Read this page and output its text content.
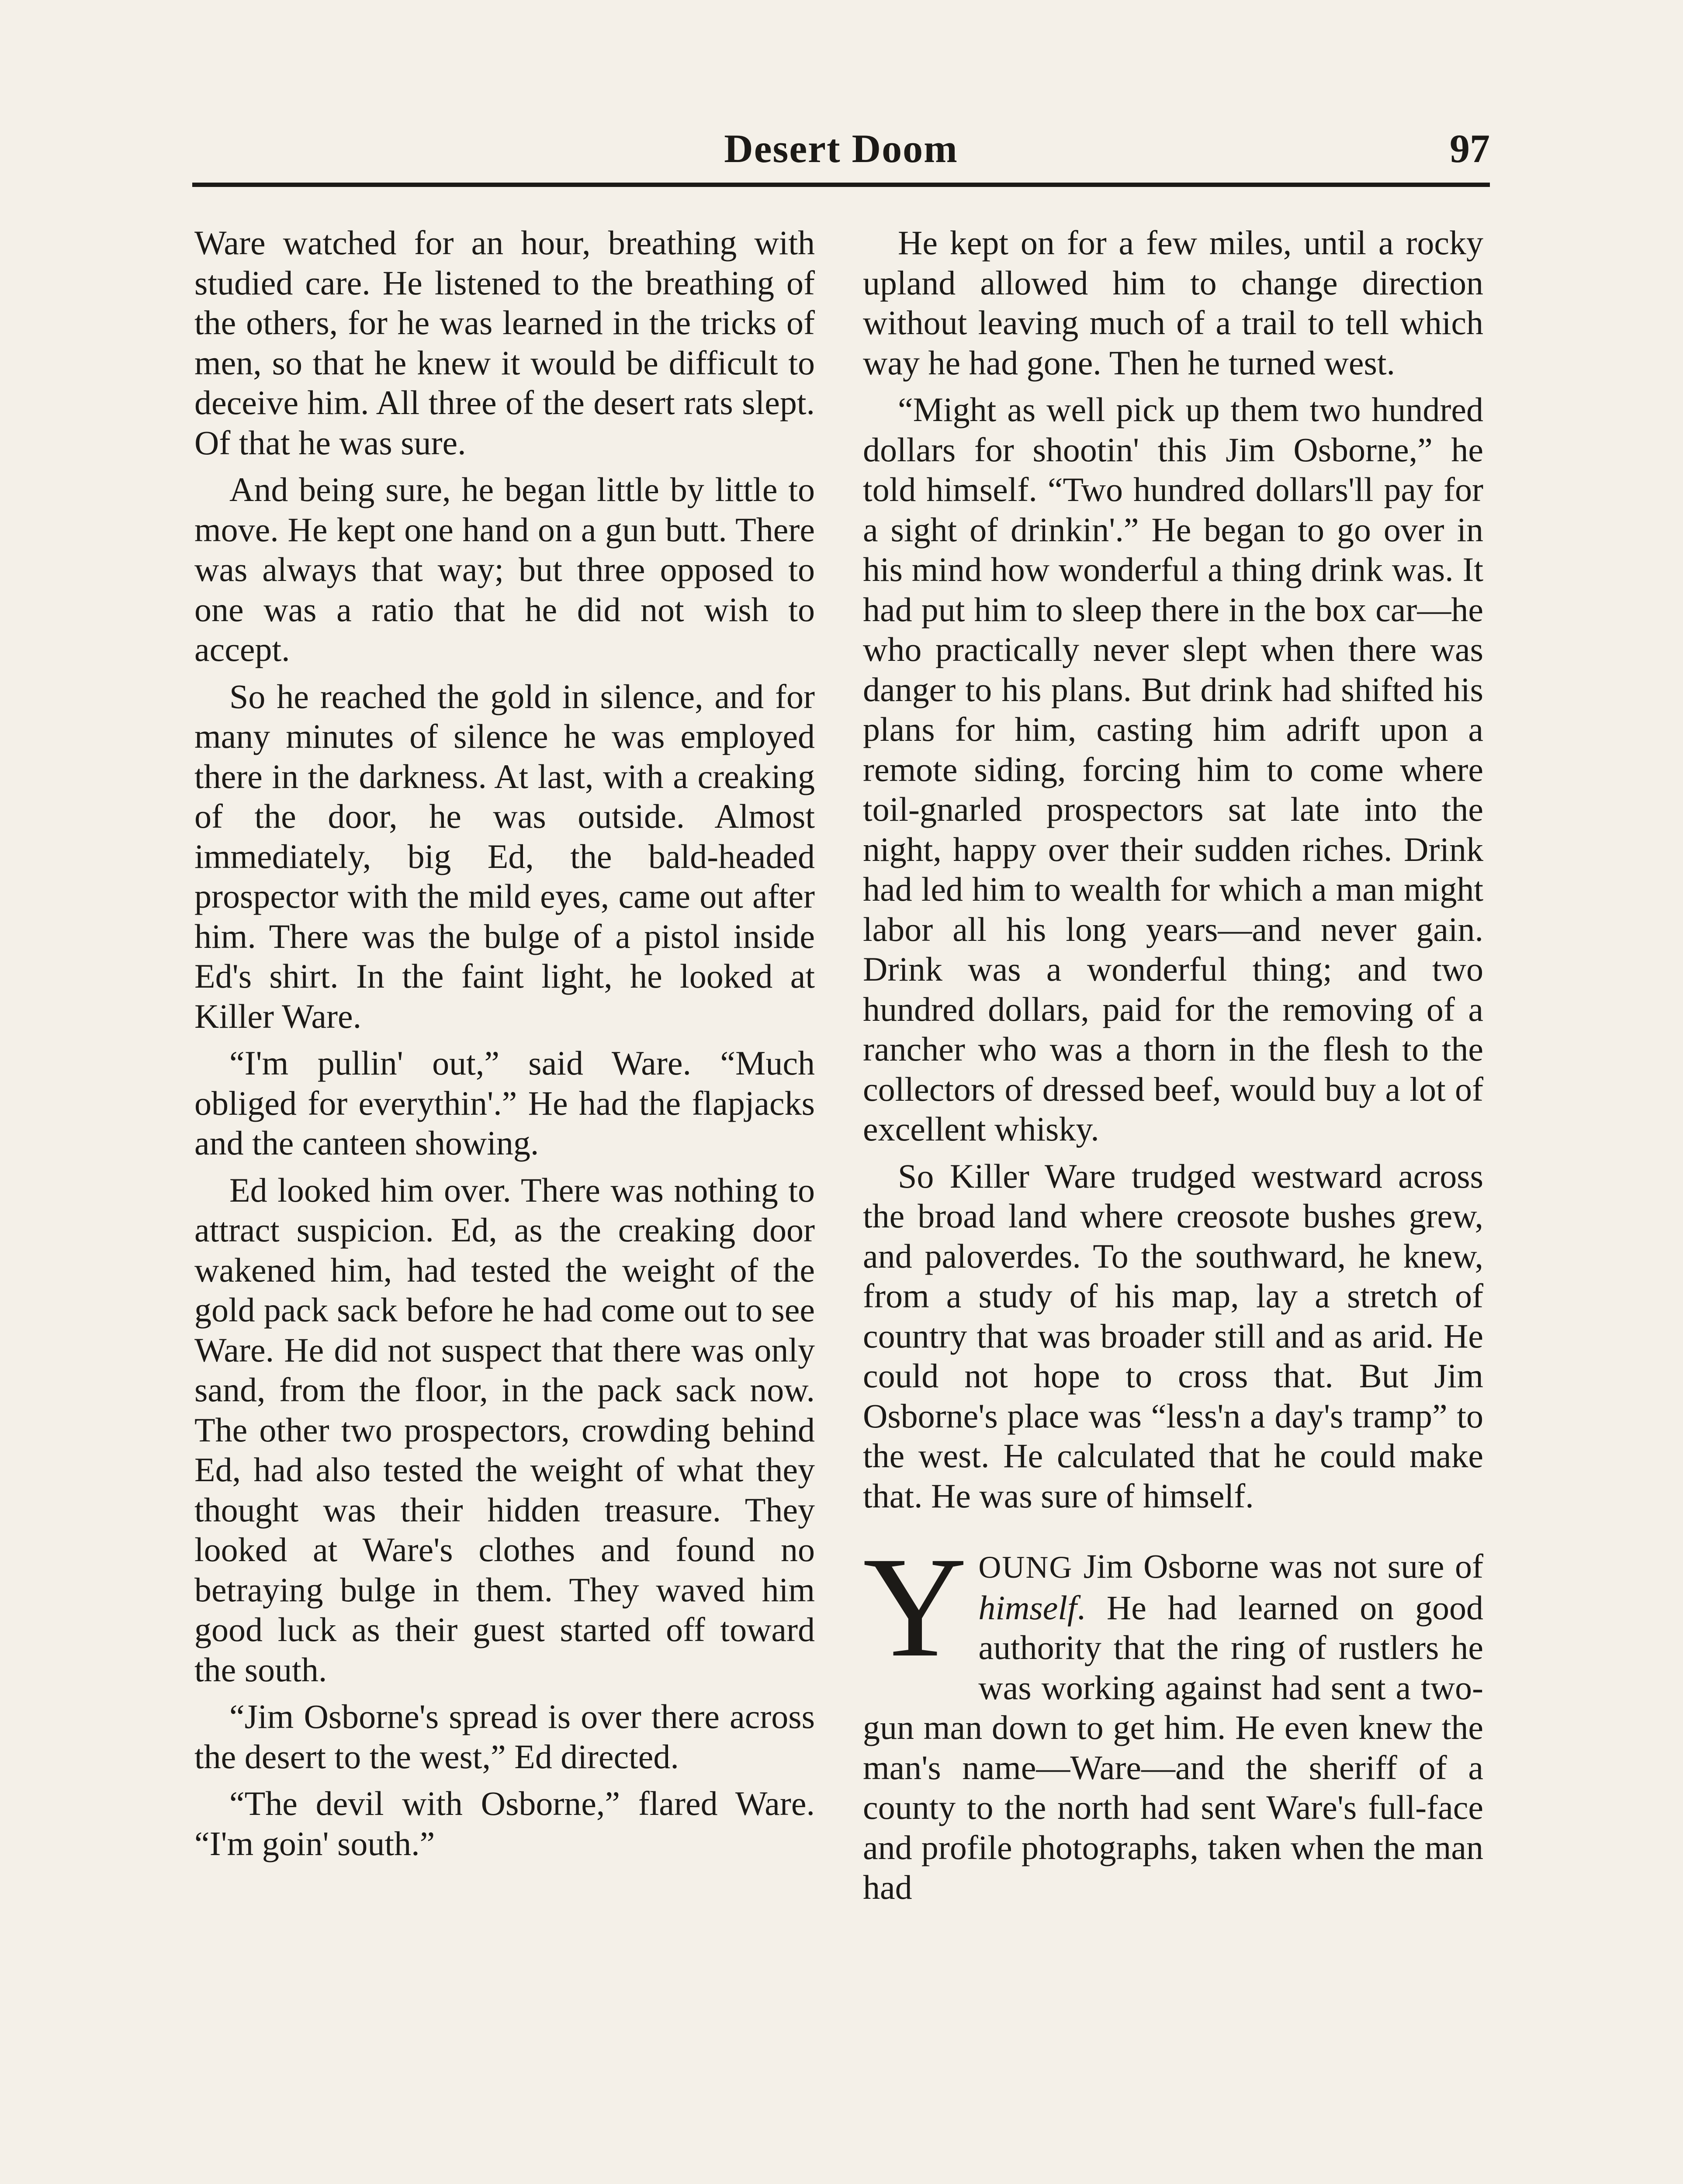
Desert Doom	97

Ware watched for an hour, breathing with studied care. He listened to the breathing of the others, for he was learned in the tricks of men, so that he knew it would be difficult to deceive him. All three of the desert rats slept. Of that he was sure.

And being sure, he began little by little to move. He kept one hand on a gun butt. There was always that way; but three opposed to one was a ratio that he did not wish to accept.

So he reached the gold in silence, and for many minutes of silence he was employed there in the darkness. At last, with a creaking of the door, he was outside. Almost immediately, big Ed, the bald-headed prospector with the mild eyes, came out after him. There was the bulge of a pistol inside Ed's shirt. In the faint light, he looked at Killer Ware.

“I'm pullin' out,” said Ware. “Much obliged for everythin'.” He had the flapjacks and the canteen showing.

Ed looked him over. There was nothing to attract suspicion. Ed, as the creaking door wakened him, had tested the weight of the gold pack sack before he had come out to see Ware. He did not suspect that there was only sand, from the floor, in the pack sack now. The other two prospectors, crowding behind Ed, had also tested the weight of what they thought was their hidden treasure. They looked at Ware's clothes and found no betraying bulge in them. They waved him good luck as their guest started off toward the south.

“Jim Osborne's spread is over there across the desert to the west,” Ed directed.

“The devil with Osborne,” flared Ware. “I'm goin' south.”

He kept on for a few miles, until a rocky upland allowed him to change direction without leaving much of a trail to tell which way he had gone. Then he turned west.

“Might as well pick up them two hundred dollars for shootin' this Jim Osborne,” he told himself. “Two hundred dollars'll pay for a sight of drinkin'.” He began to go over in his mind how wonderful a thing drink was. It had put him to sleep there in the box car—he who practically never slept when there was danger to his plans. But drink had shifted his plans for him, casting him adrift upon a remote siding, forcing him to come where toil-gnarled prospectors sat late into the night, happy over their sudden riches. Drink had led him to wealth for which a man might labor all his long years—and never gain. Drink was a wonderful thing; and two hundred dollars, paid for the removing of a rancher who was a thorn in the flesh to the collectors of dressed beef, would buy a lot of excellent whisky.

So Killer Ware trudged westward across the broad land where creosote bushes grew, and paloverdes. To the southward, he knew, from a study of his map, lay a stretch of country that was broader still and as arid. He could not hope to cross that. But Jim Osborne's place was “less'n a day's tramp” to the west. He calculated that he could make that. He was sure of himself.

YOUNG Jim Osborne was not sure of himself. He had learned on good authority that the ring of rustlers he was working against had sent a two-gun man down to get him. He even knew the man's name—Ware—and the sheriff of a county to the north had sent Ware's full-face and profile photographs, taken when the man had
